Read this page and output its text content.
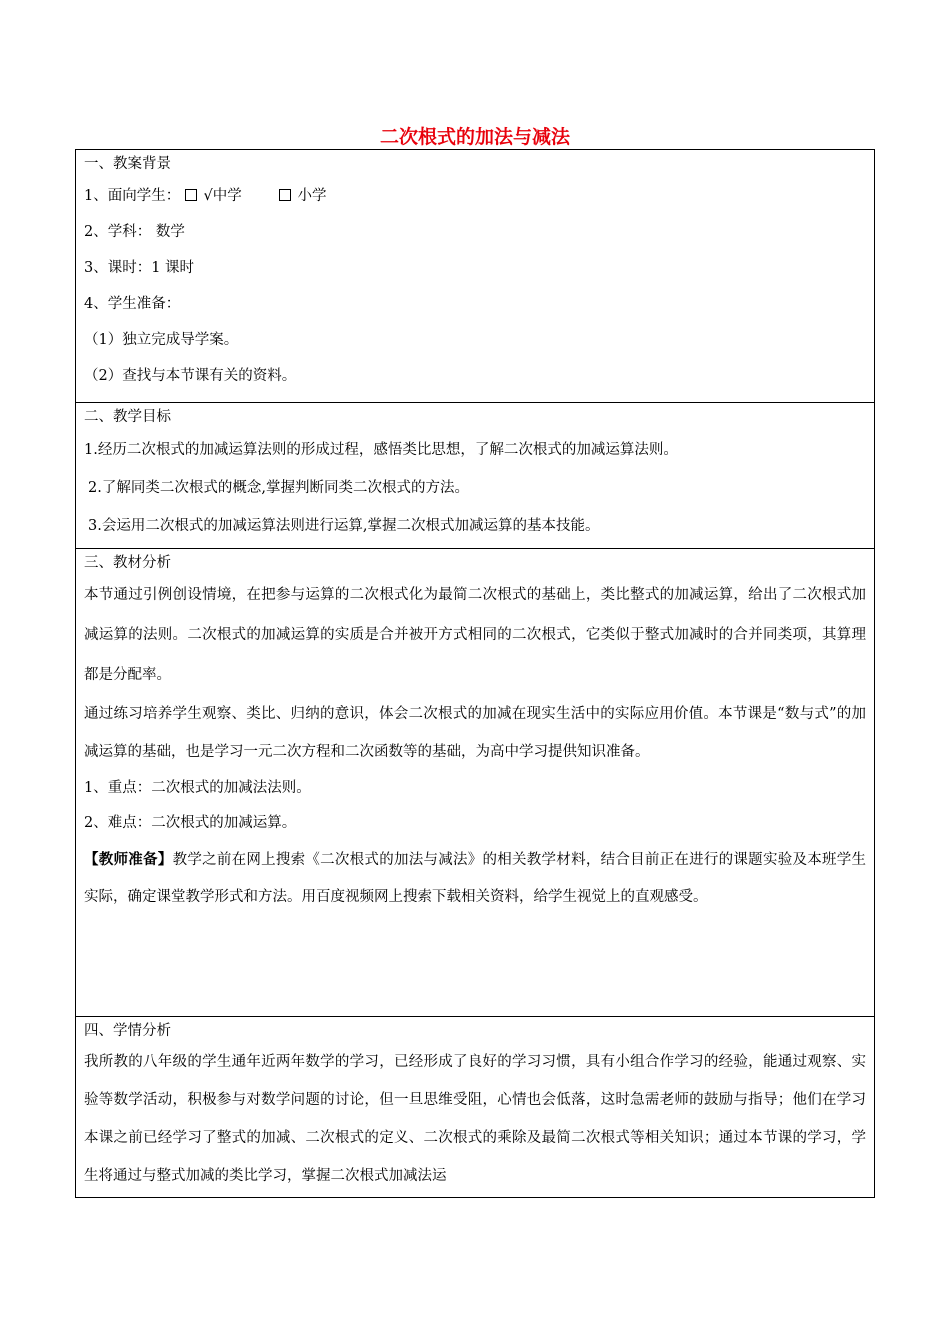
二次根式的加法与减法
一、教案背景
1、面向学生： √中学	小学
2、学科： 数学
3、课时：1 课时
4、学生准备：
（1）独立完成导学案。
（2）查找与本节课有关的资料。
二、教学目标
1.经历二次根式的加减运算法则的形成过程，感悟类比思想，了解二次根式的加减运算法则。
2.了解同类二次根式的概念,掌握判断同类二次根式的方法。
3.会运用二次根式的加减运算法则进行运算,掌握二次根式加减运算的基本技能。
三、教材分析
本节通过引例创设情境，在把参与运算的二次根式化为最简二次根式的基础上，类比整式的加减运算，给出了二次根式加减运算的法则。二次根式的加减运算的实质是合并被开方式相同的二次根式，它类似于整式加减时的合并同类项，其算理都是分配率。
通过练习培养学生观察、类比、归纳的意识，体会二次根式的加减在现实生活中的实际应用价值。本节课是“数与式”的加减运算的基础，也是学习一元二次方程和二次函数等的基础，为高中学习提供知识准备。
1、重点：二次根式的加减法法则。
2、难点：二次根式的加减运算。
【教师准备】教学之前在网上搜索《二次根式的加法与减法》的相关教学材料，结合目前正在进行的课题实验及本班学生实际，确定课堂教学形式和方法。用百度视频网上搜索下载相关资料，给学生视觉上的直观感受。
四、学情分析
我所教的八年级的学生通年近两年数学的学习，已经形成了良好的学习习惯，具有小组合作学习的经验，能通过观察、实验等数学活动，积极参与对数学问题的讨论，但一旦思维受阻，心情也会低落，这时急需老师的鼓励与指导；他们在学习本课之前已经学习了整式的加减、二次根式的定义、二次根式的乘除及最简二次根式等相关知识；通过本节课的学习，学生将通过与整式加减的类比学习，掌握二次根式加减法运
